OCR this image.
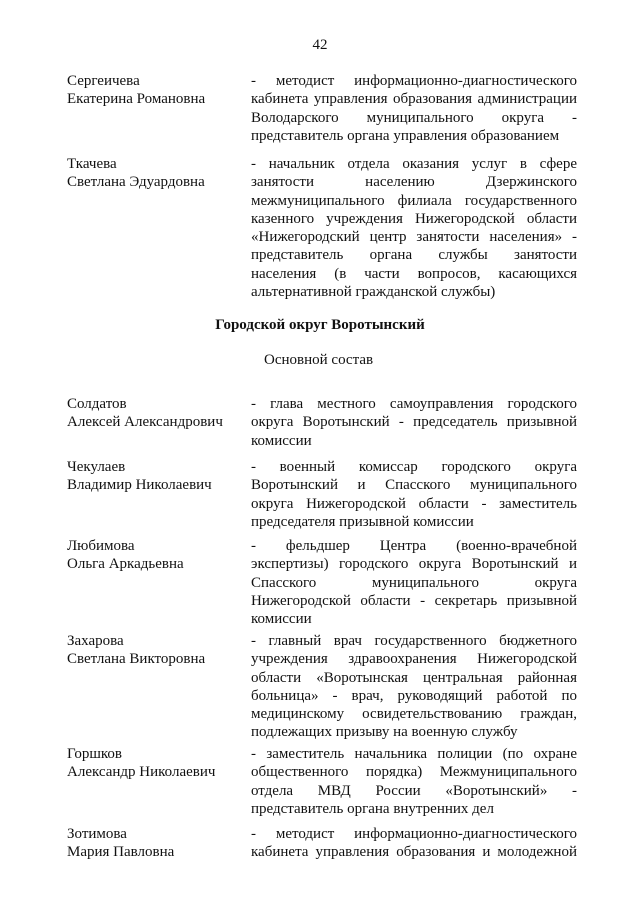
42
Сергеичева
Екатерина Романовна
- методист информационно-диагностического
кабинета управления образования администрации
Володарского муниципального округа -
представитель органа управления образованием
Ткачева
Светлана Эдуардовна
- начальник отдела оказания услуг в сфере
занятости населению Дзержинского
межмуниципального филиала государственного
казенного учреждения Нижегородской области
«Нижегородский центр занятости населения» -
представитель органа службы занятости
населения (в части вопросов, касающихся
альтернативной гражданской службы)
Городской округ Воротынский
Основной состав
Солдатов
Алексей Александрович
- глава местного самоуправления городского
округа Воротынский - председатель призывной
комиссии
Чекулаев
Владимир Николаевич
- военный комиссар городского округа
Воротынский и Спасского муниципального
округа Нижегородской области - заместитель
председателя призывной комиссии
Любимова
Ольга Аркадьевна
- фельдшер Центра (военно-врачебной
экспертизы) городского округа Воротынский и
Спасского муниципального округа
Нижегородской области - секретарь призывной
комиссии
Захарова
Светлана Викторовна
- главный врач государственного бюджетного
учреждения здравоохранения Нижегородской
области «Воротынская центральная районная
больница» - врач, руководящий работой по
медицинскому освидетельствованию граждан,
подлежащих призыву на военную службу
Горшков
Александр Николаевич
- заместитель начальника полиции (по охране
общественного порядка) Межмуниципального
отдела МВД России «Воротынский» -
представитель органа внутренних дел
Зотимова
Мария Павловна
- методист информационно-диагностического
кабинета управления образования и молодежной
